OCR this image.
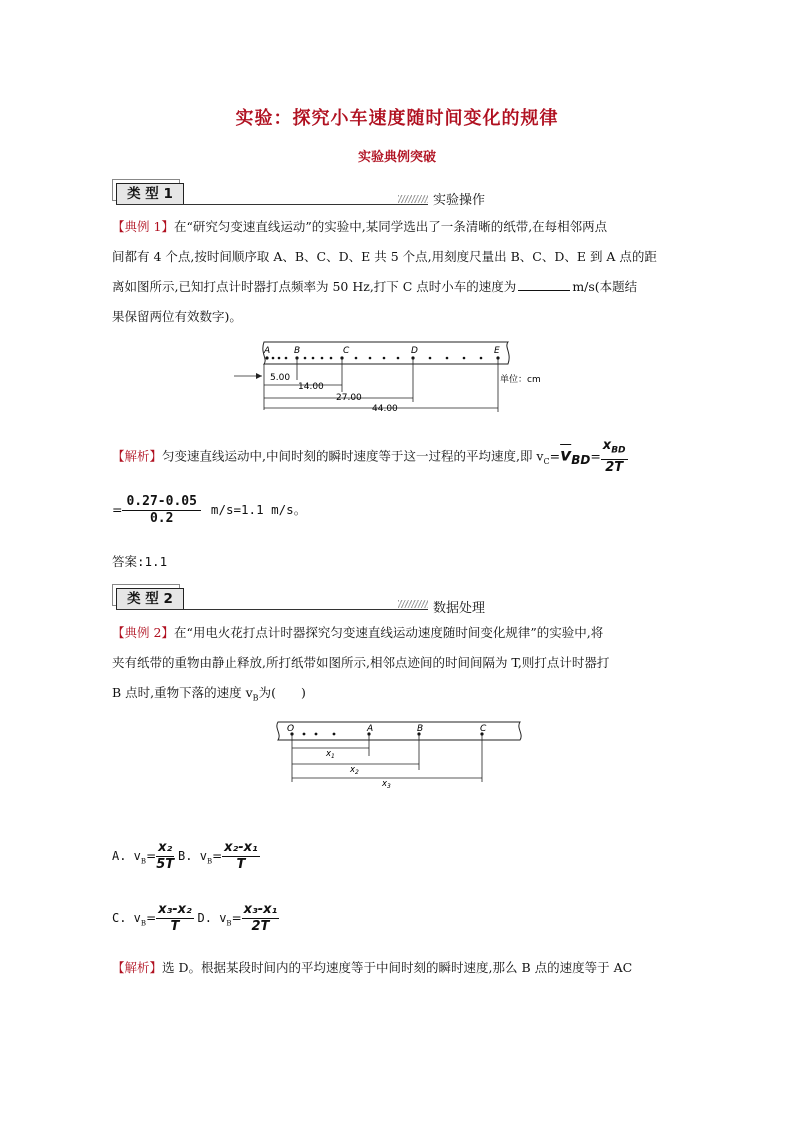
实验：探究小车速度随时间变化的规律
实验典例突破
类 型 1	实验操作
【典例 1】在“研究匀变速直线运动”的实验中,某同学选出了一条清晰的纸带,在每相邻两点
间都有 4 个点,按时间顺序取 A、B、C、D、E 共 5 个点,用刻度尺量出 B、C、D、E 到 A 点的距
离如图所示,已知打点计时器打点频率为 50 Hz,打下 C 点时小车的速度为	m/s(本题结
果保留两位有效数字)。
A	B	C	D	E
5.00
14.00
27.00
44.00
单位：cm
【解析】匀变速直线运动中,中间时刻的瞬时速度等于这一过程的平均速度,即 $v_C=\overline{v}_{BD}= \frac{x_{BD}}{2T}$
= $\frac{0.27-0.05}{0.2} m/s=1.1$ m/s。
答案:1.1
类 型 2
数据处理
【典例 2】在“用电火花打点计时器探究匀变速直线运动速度随时间变化规律”的实验中,将
夹有纸带的重物由静止释放,所打纸带如图所示,相邻点迹间的时间间隔为 T,则打点计时器打
B 点时,重物下落的速度 $v_B$为(　　)
O	A	B	C
$x_1$
$x_2$
$x_3$
A. $v_B= \frac{\text{x₂}}{5T} B$. $v_B= \frac{\text{x₂-x₁}}{T}$
C. $v_B= \frac{\text{x₃-x₂}}{T} D$. $v_B= \frac{\text{x₃-x₁}}{2T}$
【解析】选 D。根据某段时间内的平均速度等于中间时刻的瞬时速度,那么 B 点的速度等于 AC
